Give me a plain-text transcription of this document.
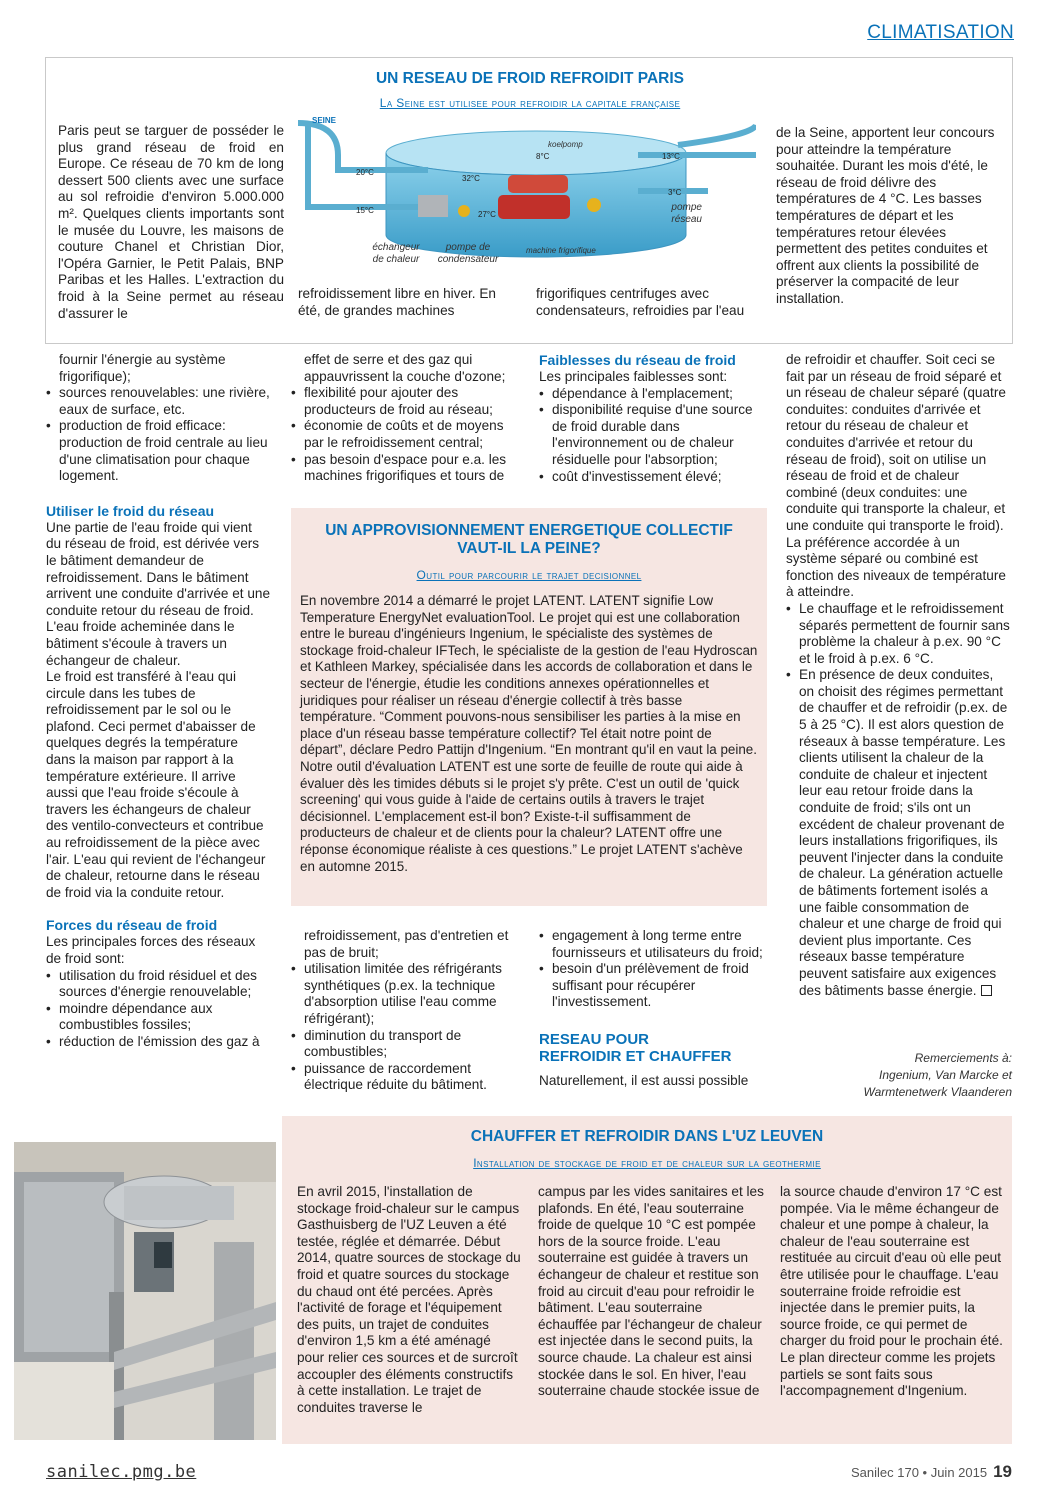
CLIMATISATION
UN RESEAU DE FROID REFROIDIT PARIS
La Seine est utilisee pour refroidir la capitale française
Paris peut se targuer de posséder le plus grand réseau de froid en Europe. Ce réseau de 70 km de long dessert 500 clients avec une surface au sol refroidie d'environ 5.000.000 m². Quelques clients importants sont le musée du Louvre, les maisons de couture Chanel et Christian Dior, l'Opéra Garnier, le Petit Palais, BNP Paribas et les Halles. L'extraction du froid à la Seine permet au réseau d'assurer le
refroidissement libre en hiver. En été, de grandes machines
frigorifiques centrifuges avec condensateurs, refroidies par l'eau
de la Seine, apportent leur concours pour atteindre la température souhaitée. Durant les mois d'été, le réseau de froid délivre des températures de 4 °C. Les basses températures de départ et les températures retour élevées permettent des petites conduites et offrent aux clients la possibilité de préserver la compacité de leur installation.
SEINE
20°C
15°C
32°C
27°C
8°C	13°C
3°C
koelpomp
machine frigorifique
échangeur de chaleur
pompe de condensateur
pompe réseau

fournir l'énergie au système frigorifique);

• sources renouvelables: une rivière, eaux de surface, etc.
• production de froid efficace: production de froid centrale au lieu d'une climatisation pour chaque logement.

Utiliser le froid du réseau

Une partie de l'eau froide qui vient du réseau de froid, est dérivée vers le bâtiment demandeur de refroidissement. Dans le bâtiment arrivent une conduite d'arrivée et une conduite retour du réseau de froid. L'eau froide acheminée dans le bâtiment s'écoule à travers un échangeur de chaleur.

Le froid est transféré à l'eau qui circule dans les tubes de refroidissement par le sol ou le plafond. Ceci permet d'abaisser de quelques degrés la température dans la maison par rapport à la température extérieure. Il arrive aussi que l'eau froide s'écoule à travers les échangeurs de chaleur des ventilo-convecteurs et contribue au refroidissement de la pièce avec l'air. L'eau qui revient de l'échangeur de chaleur, retourne dans le réseau de froid via la conduite retour.

Forces du réseau de froid

Les principales forces des réseaux de froid sont:

• utilisation du froid résiduel et des sources d'énergie renouvelable;
• moindre dépendance aux combustibles fossiles;
• réduction de l'émission des gaz à

effet de serre et des gaz qui appauvrissent la couche d'ozone;

• flexibilité pour ajouter des producteurs de froid au réseau;
• économie de coûts et de moyens par le refroidissement central;
• pas besoin d'espace pour e.a. les machines frigorifiques et tours de

Faiblesses du réseau de froid

Les principales faiblesses sont:

• dépendance à l'emplacement;
• disponibilité requise d'une source de froid durable dans l'environnement ou de chaleur résiduelle pour l'absorption;
• coût d'investissement élevé;
UN APPROVISIONNEMENT ENERGETIQUE COLLECTIF
VAUT-IL LA PEINE?
Outil pour parcourir le trajet decisionnel
En novembre 2014 a démarré le projet LATENT. LATENT signifie Low Temperature EnergyNet evaluationTool. Le projet qui est une collaboration entre le bureau d'ingénieurs Ingenium, le spécialiste des systèmes de stockage froid-chaleur IFTech, le spécialiste de la gestion de l'eau Hydroscan et Kathleen Markey, spécialisée dans les accords de collaboration et dans le secteur de l'énergie, étudie les conditions annexes opérationnelles et juridiques pour réaliser un réseau d'énergie collectif à très basse température. “Comment pouvons-nous sensibiliser les parties à la mise en place d'un réseau basse température collectif? Tel était notre point de départ”, déclare Pedro Pattijn d'Ingenium. “En montrant qu'il en vaut la peine. Notre outil d'évaluation LATENT est une sorte de feuille de route qui aide à évaluer dès les timides débuts si le projet s'y prête. C'est un outil de 'quick screening' qui vous guide à l'aide de certains outils à travers le trajet décisionnel. L'emplacement est-il bon? Existe-t-il suffisamment de producteurs de chaleur et de clients pour la chaleur? LATENT offre une réponse économique réaliste à ces questions.” Le projet LATENT s'achève en automne 2015.

refroidissement, pas d'entretien et pas de bruit;

• utilisation limitée des réfrigérants synthétiques (p.ex. la technique d'absorption utilise l'eau comme réfrigérant);
• diminution du transport de combustibles;
• puissance de raccordement électrique réduite du bâtiment.
• engagement à long terme entre fournisseurs et utilisateurs du froid;
• besoin d'un prélèvement de froid suffisant pour récupérer l'investissement.

RESEAU POUR

REFROIDIR ET CHAUFFER

Naturellement, il est aussi possible

de refroidir et chauffer. Soit ceci se fait par un réseau de froid séparé et un réseau de chaleur séparé (quatre conduites: conduites d'arrivée et retour du réseau de chaleur et conduites d'arrivée et retour du réseau de froid), soit on utilise un réseau de froid et de chaleur combiné (deux conduites: une conduite qui transporte la chaleur, et une conduite qui transporte le froid). La préférence accordée à un système séparé ou combiné est fonction des niveaux de température à atteindre.

• Le chauffage et le refroidissement séparés permettent de fournir sans problème la chaleur à p.ex. 90 °C et le froid à p.ex. 6 °C.
• En présence de deux conduites, on choisit des régimes permettant de chauffer et de refroidir (p.ex. de 5 à 25 °C). Il est alors question de réseaux à basse température. Les clients utilisent la chaleur de la conduite de chaleur et injectent leur eau retour froide dans la conduite de froid; s'ils ont un excédent de chaleur provenant de leurs installations frigorifiques, ils peuvent l'injecter dans la conduite de chaleur. La génération actuelle de bâtiments fortement isolés a une faible consommation de chaleur et une charge de froid qui devient plus importante. Ces réseaux basse température peuvent satisfaire aux exigences des bâtiments basse énergie.
Remerciements à:
Ingenium, Van Marcke et
Warmtenetwerk Vlaanderen
CHAUFFER ET REFROIDIR DANS L'UZ LEUVEN
Installation de stockage de froid et de chaleur sur la geothermie
En avril 2015, l'installation de stockage froid-chaleur sur le campus Gasthuisberg de l'UZ Leuven a été testée, réglée et démarrée. Début 2014, quatre sources de stockage du froid et quatre sources du stockage du chaud ont été percées. Après l'activité de forage et l'équipement des puits, un trajet de conduites d'environ 1,5 km a été aménagé pour relier ces sources et de surcroît accoupler des éléments constructifs à cette installation. Le trajet de conduites traverse le
campus par les vides sanitaires et les plafonds. En été, l'eau souterraine froide de quelque 10 °C est pompée hors de la source froide. L'eau souterraine est guidée à travers un échangeur de chaleur et restitue son froid au circuit d'eau pour refroidir le bâtiment. L'eau souterraine échauffée par l'échangeur de chaleur est injectée dans le second puits, la source chaude. La chaleur est ainsi stockée dans le sol. En hiver, l'eau souterraine chaude stockée issue de
la source chaude d'environ 17 °C est pompée. Via le même échangeur de chaleur et une pompe à chaleur, la chaleur de l'eau souterraine est restituée au circuit d'eau où elle peut être utilisée pour le chauffage. L'eau souterraine froide refroidie est injectée dans le premier puits, la source froide, ce qui permet de charger du froid pour le prochain été. Le plan directeur comme les projets partiels se sont faits sous l'accompagnement d'Ingenium.
sanilec.pmg.be	Sanilec 170 • Juin 2015 19
